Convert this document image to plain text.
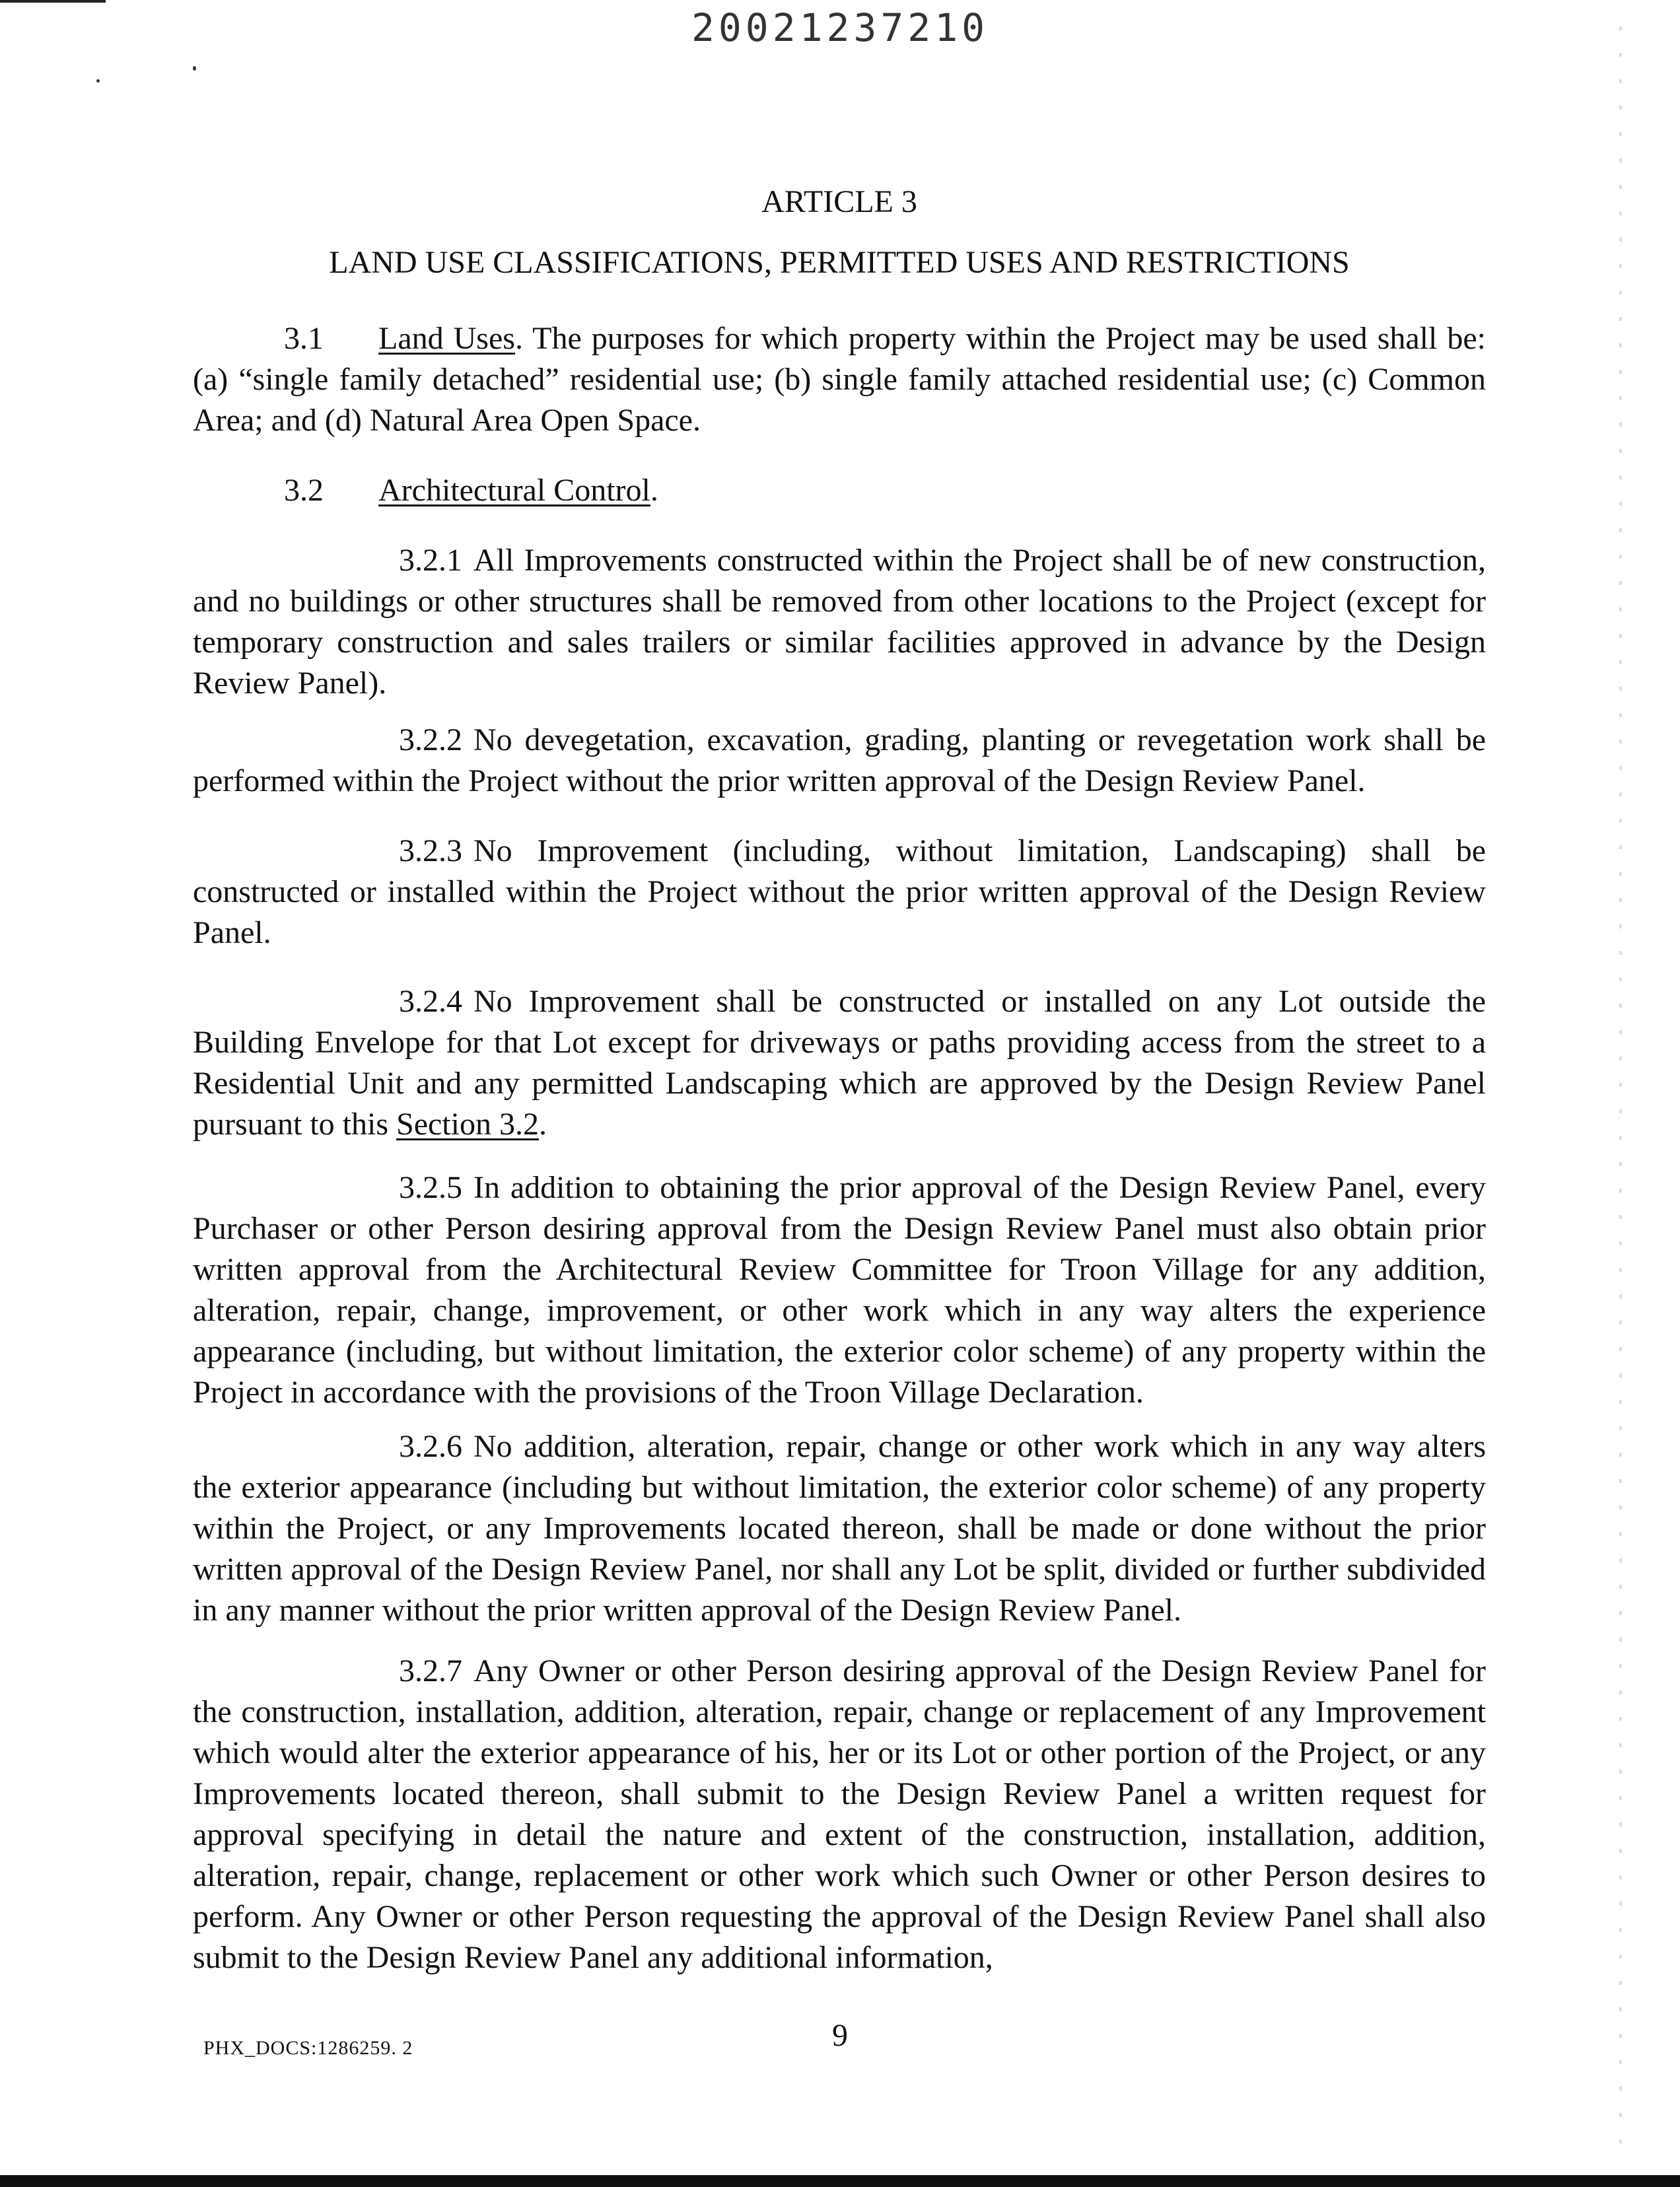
20021237210
ARTICLE 3
LAND USE CLASSIFICATIONS, PERMITTED USES AND RESTRICTIONS

3.1 Land Uses. The purposes for which property within the Project may be used shall be: (a) “single family detached” residential use; (b) single family attached residential use; (c) Common Area; and (d) Natural Area Open Space.

3.2 Architectural Control.

3.2.1 All Improvements constructed within the Project shall be of new construction, and no buildings or other structures shall be removed from other locations to the Project (except for temporary construction and sales trailers or similar facilities approved in advance by the Design Review Panel).

3.2.2 No devegetation, excavation, grading, planting or revegetation work shall be performed within the Project without the prior written approval of the Design Review Panel.

3.2.3 No Improvement (including, without limitation, Landscaping) shall be constructed or installed within the Project without the prior written approval of the Design Review Panel.

3.2.4 No Improvement shall be constructed or installed on any Lot outside the Building Envelope for that Lot except for driveways or paths providing access from the street to a Residential Unit and any permitted Landscaping which are approved by the Design Review Panel pursuant to this Section 3.2.

3.2.5 In addition to obtaining the prior approval of the Design Review Panel, every Purchaser or other Person desiring approval from the Design Review Panel must also obtain prior written approval from the Architectural Review Committee for Troon Village for any addition, alteration, repair, change, improvement, or other work which in any way alters the experience appearance (including, but without limitation, the exterior color scheme) of any property within the Project in accordance with the provisions of the Troon Village Declaration.

3.2.6 No addition, alteration, repair, change or other work which in any way alters the exterior appearance (including but without limitation, the exterior color scheme) of any property within the Project, or any Improvements located thereon, shall be made or done without the prior written approval of the Design Review Panel, nor shall any Lot be split, divided or further subdivided in any manner without the prior written approval of the Design Review Panel.

3.2.7 Any Owner or other Person desiring approval of the Design Review Panel for the construction, installation, addition, alteration, repair, change or replacement of any Improvement which would alter the exterior appearance of his, her or its Lot or other portion of the Project, or any Improvements located thereon, shall submit to the Design Review Panel a written request for approval specifying in detail the nature and extent of the construction, installation, addition, alteration, repair, change, replacement or other work which such Owner or other Person desires to perform. Any Owner or other Person requesting the approval of the Design Review Panel shall also submit to the Design Review Panel any additional information,

PHX_DOCS:1286259. 2	9
